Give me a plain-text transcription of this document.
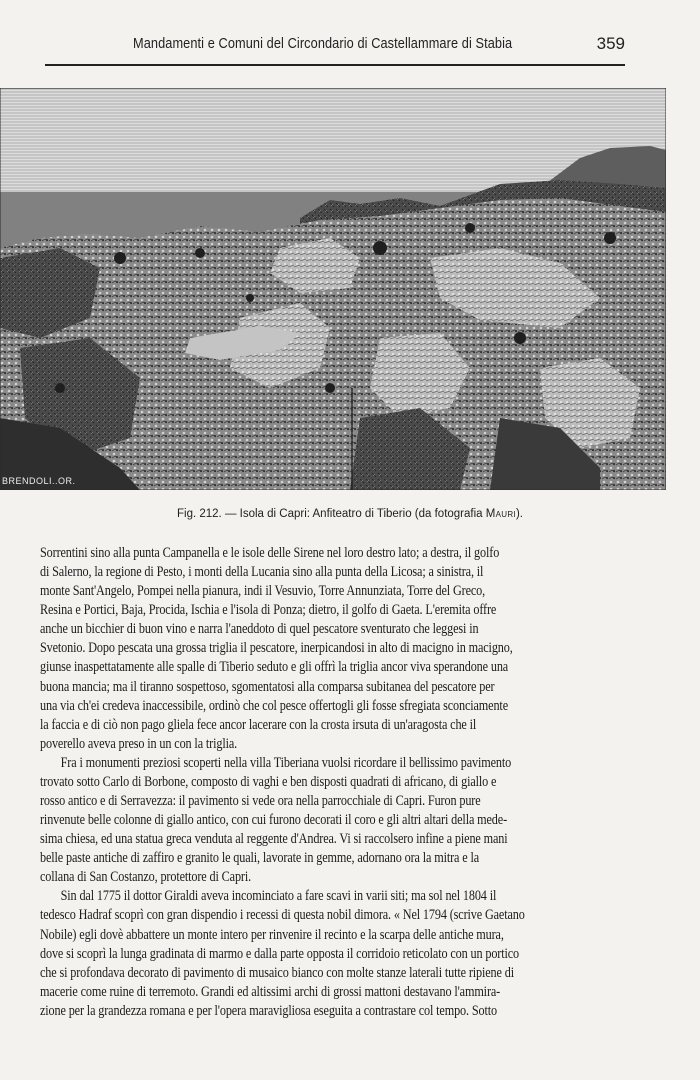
Mandamenti e Comuni del Circondario di Castellammare di Stabia	359
BRENDOLI..OR.
Fig. 212. — Isola di Capri: Anfiteatro di Tiberio (da fotografia Mauri).
Sorrentini sino alla punta Campanella e le isole delle Sirene nel loro destro lato; a destra, il golfo
di Salerno, la regione di Pesto, i monti della Lucania sino alla punta della Licosa; a sinistra, il
monte Sant'Angelo, Pompei nella pianura, indi il Vesuvio, Torre Annunziata, Torre del Greco,
Resina e Portici, Baja, Procida, Ischia e l'isola di Ponza; dietro, il golfo di Gaeta. L'eremita offre
anche un bicchier di buon vino e narra l'aneddoto di quel pescatore sventurato che leggesi in
Svetonio. Dopo pescata una grossa triglia il pescatore, inerpicandosi in alto di macigno in macigno,
giunse inaspettatamente alle spalle di Tiberio seduto e gli offrì la triglia ancor viva sperandone una
buona mancia; ma il tiranno sospettoso, sgomentatosi alla comparsa subitanea del pescatore per
una via ch'ei credeva inaccessibile, ordinò che col pesce offertogli gli fosse sfregiata sconciamente
la faccia e di ciò non pago gliela fece ancor lacerare con la crosta irsuta di un'aragosta che il
poverello aveva preso in un con la triglia.
Fra i monumenti preziosi scoperti nella villa Tiberiana vuolsi ricordare il bellissimo pavimento
trovato sotto Carlo di Borbone, composto di vaghi e ben disposti quadrati di africano, di giallo e
rosso antico e di Serravezza: il pavimento si vede ora nella parrocchiale di Capri. Furon pure
rinvenute belle colonne di giallo antico, con cui furono decorati il coro e gli altri altari della mede-
sima chiesa, ed una statua greca venduta al reggente d'Andrea. Vi si raccolsero infine a piene mani
belle paste antiche di zaffiro e granito le quali, lavorate in gemme, adornano ora la mitra e la
collana di San Costanzo, protettore di Capri.
Sin dal 1775 il dottor Giraldi aveva incominciato a fare scavi in varii siti; ma sol nel 1804 il
tedesco Hadraf scoprì con gran dispendio i recessi di questa nobil dimora. « Nel 1794 (scrive Gaetano
Nobile) egli dovè abbattere un monte intero per rinvenire il recinto e la scarpa delle antiche mura,
dove si scoprì la lunga gradinata di marmo e dalla parte opposta il corridoio reticolato con un portico
che si profondava decorato di pavimento di musaico bianco con molte stanze laterali tutte ripiene di
macerie come ruine di terremoto. Grandi ed altissimi archi di grossi mattoni destavano l'ammira-
zione per la grandezza romana e per l'opera maravigliosa eseguita a contrastare col tempo. Sotto
